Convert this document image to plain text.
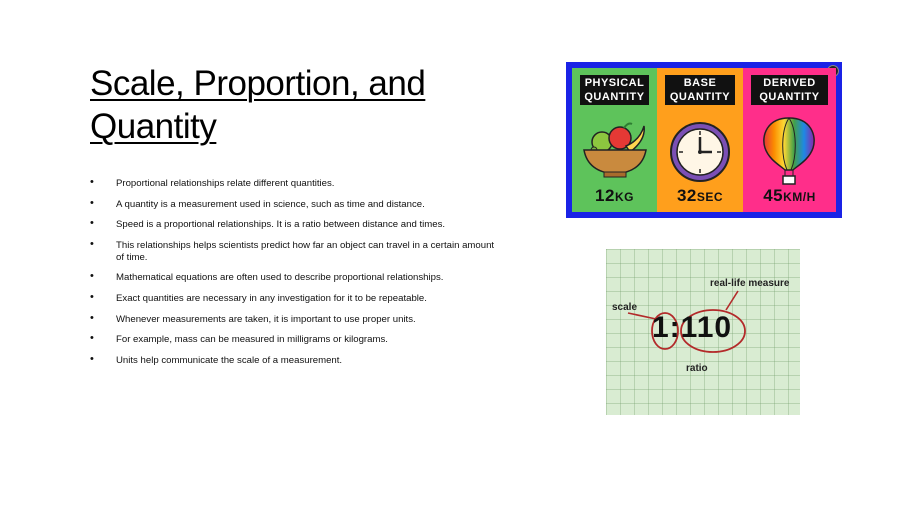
Scale, Proportion, and
Quantity
• Proportional relationships relate different quantities.
• A quantity is a measurement used in science, such as time and distance.
• Speed is a proportional relationships. It is a ratio between distance and times.
• This relationships helps scientists predict how far an object can travel in a certain amount of time.
• Mathematical equations are often used to describe proportional relationships.
• Exact quantities are necessary in any investigation for it to be repeatable.
• Whenever measurements are taken, it is important to use proper units.
• For example, mass can be measured in milligrams or kilograms.
• Units help communicate the scale of a measurement.
PHYSICAL
QUANTITY
12KG
BASE
QUANTITY
32SEC
DERIVED
QUANTITY
45KM/H
scale
real-life measure
1:110
ratio
